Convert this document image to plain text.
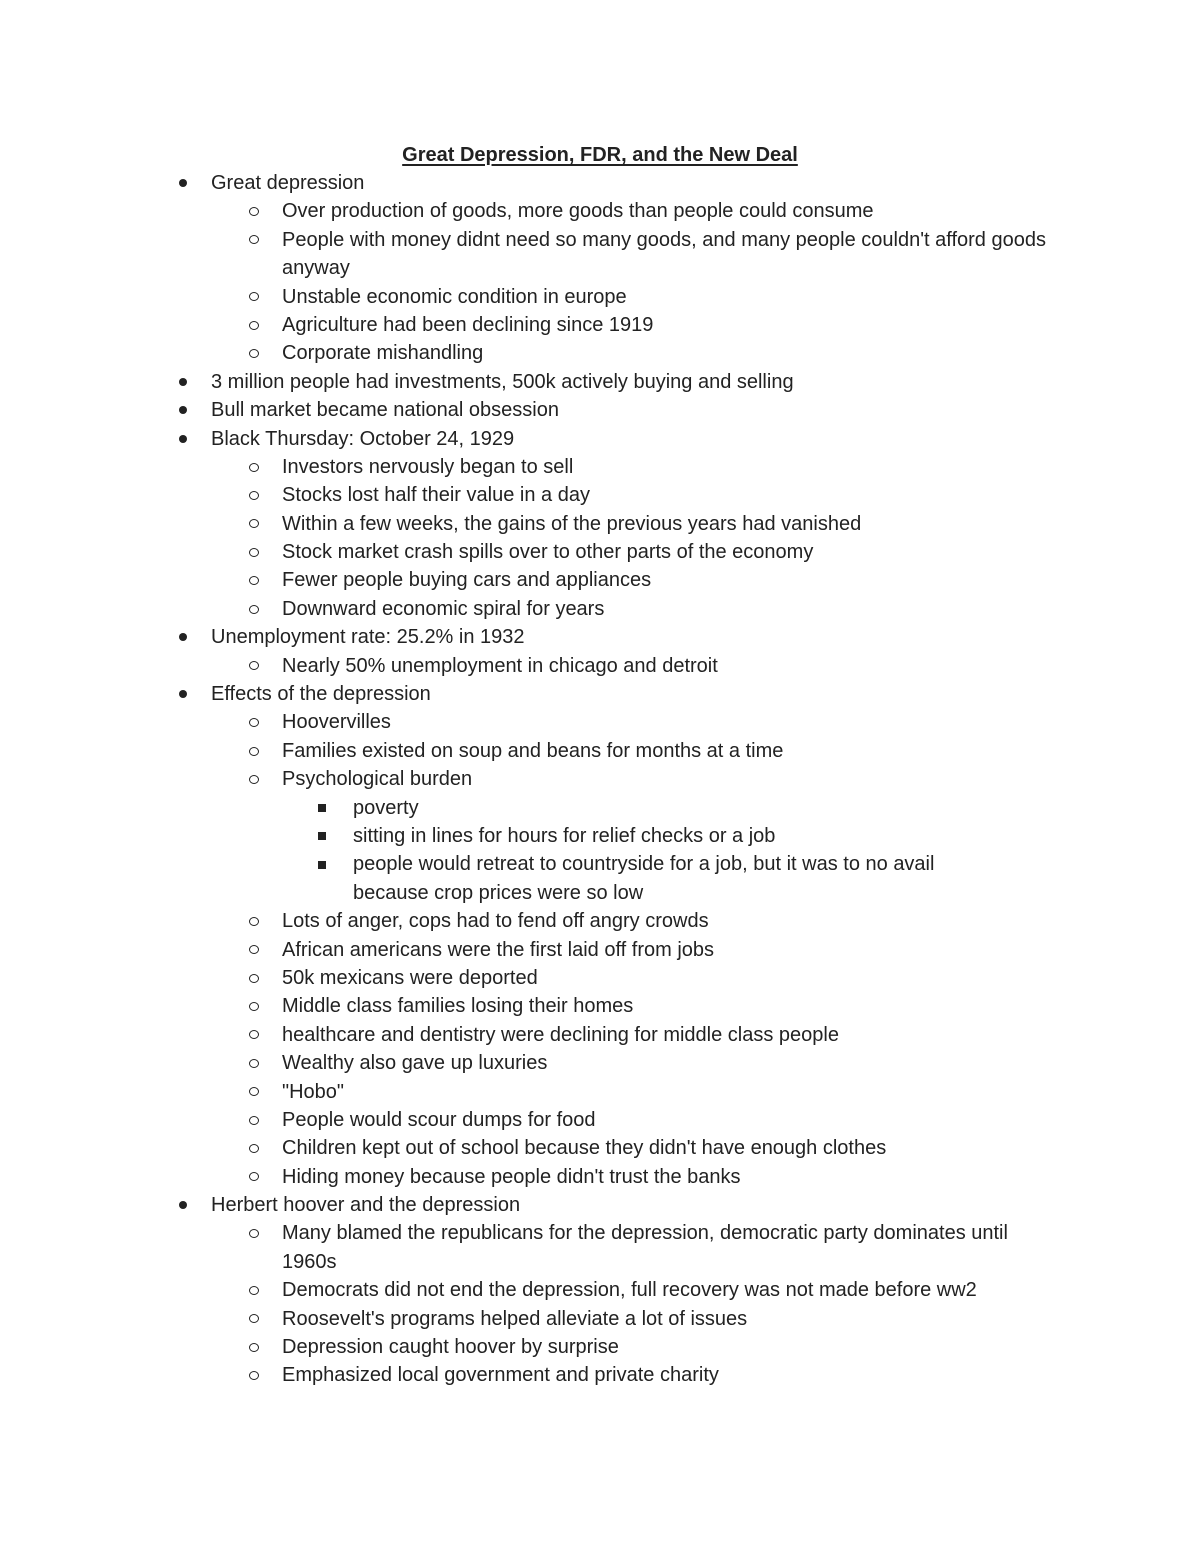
Great Depression, FDR, and the New Deal
Great depression
Over production of goods, more goods than people could consume
People with money didnt need so many goods, and many people couldn't afford goods anyway
Unstable economic condition in europe
Agriculture had been declining since 1919
Corporate mishandling
3 million people had investments, 500k actively buying and selling
Bull market became national obsession
Black Thursday: October 24, 1929
Investors nervously began to sell
Stocks lost half their value in a day
Within a few weeks, the gains of the previous years had vanished
Stock market crash spills over to other parts of the economy
Fewer people buying cars and appliances
Downward economic spiral for years
Unemployment rate: 25.2% in 1932
Nearly 50% unemployment in chicago and detroit
Effects of the depression
Hoovervilles
Families existed on soup and beans for months at a time
Psychological burden
poverty
sitting in lines for hours for relief checks or a job
people would retreat to countryside for a job, but it was to no avail because crop prices were so low
Lots of anger, cops had to fend off angry crowds
African americans were the first laid off from jobs
50k mexicans were deported
Middle class families losing their homes
healthcare and dentistry were declining for middle class people
Wealthy also gave up luxuries
"Hobo"
People would scour dumps for food
Children kept out of school because they didn't have enough clothes
Hiding money because people didn't trust the banks
Herbert hoover and the depression
Many blamed the republicans for the depression, democratic party dominates until 1960s
Democrats did not end the depression, full recovery was not made before ww2
Roosevelt's programs helped alleviate a lot of issues
Depression caught hoover by surprise
Emphasized local government and private charity
